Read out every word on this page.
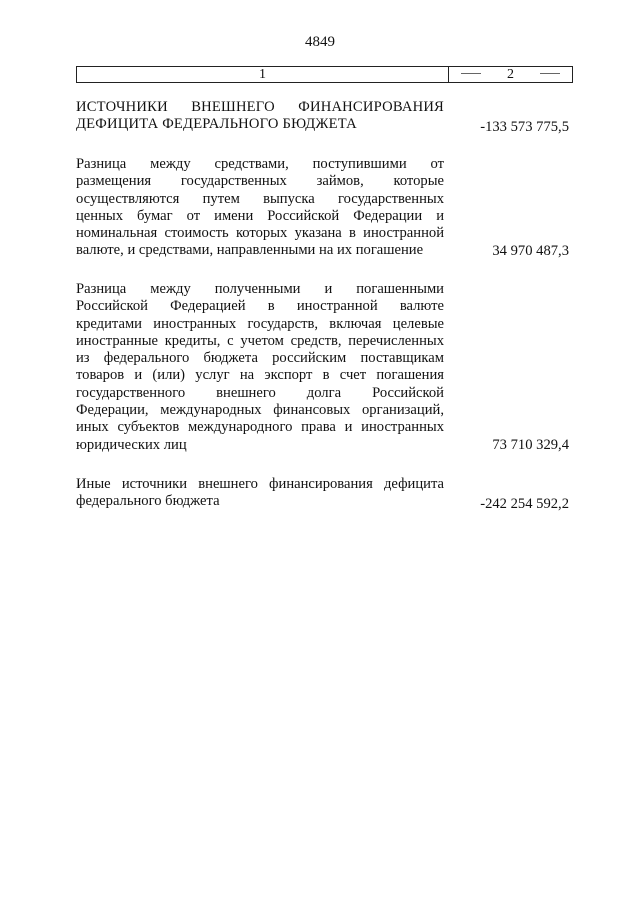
4849
1	2
ИСТОЧНИКИ ВНЕШНЕГО ФИНАНСИРОВАНИЯ
ДЕФИЦИТА ФЕДЕРАЛЬНОГО БЮДЖЕТА	-133 573 775,5
Разница между средствами, поступившими от
размещения государственных займов, которые
осуществляются путем выпуска государственных
ценных бумаг от имени Российской Федерации и
номинальная стоимость которых указана в иностранной
валюте, и средствами, направленными на их погашение	34 970 487,3
Разница между полученными и погашенными
Российской Федерацией в иностранной валюте
кредитами иностранных государств, включая целевые
иностранные кредиты, с учетом средств, перечисленных
из федерального бюджета российским поставщикам
товаров и (или) услуг на экспорт в счет погашения
государственного внешнего долга Российской
Федерации, международных финансовых организаций,
иных субъектов международного права и иностранных
юридических лиц	73 710 329,4
Иные источники внешнего финансирования дефицита
федерального бюджета	-242 254 592,2
